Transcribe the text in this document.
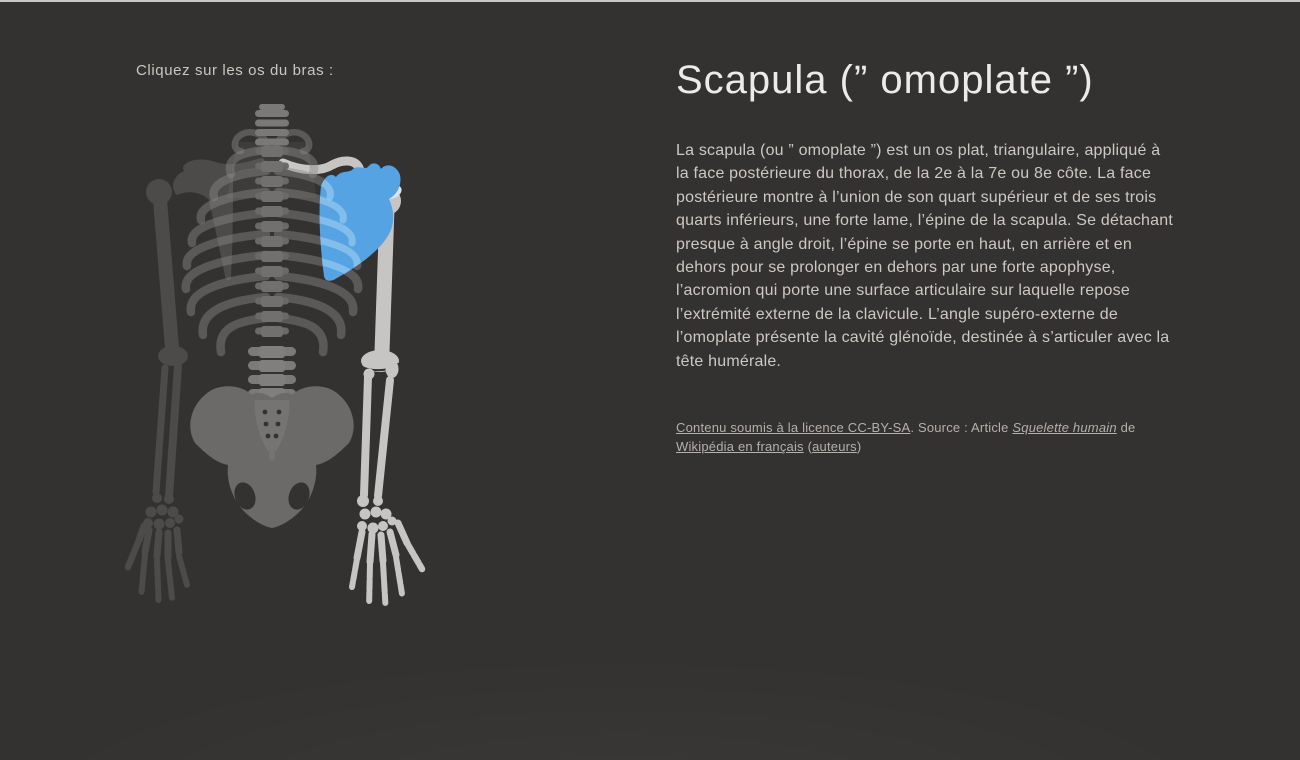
Cliquez sur les os du bras :	Scapula (” omoplate ”)

La scapula (ou ” omoplate ”) est un os plat, triangulaire, appliqué à la face postérieure du thorax, de la 2e à la 7e ou 8e côte. La face postérieure montre à l’union de son quart supérieur et de ses trois quarts inférieurs, une forte lame, l’épine de la scapula. Se détachant presque à angle droit, l’épine se porte en haut, en arrière et en dehors pour se prolonger en dehors par une forte apophyse, l’acromion qui porte une surface articulaire sur laquelle repose l’extrémité externe de la clavicule. L’angle supéro-externe de l’omoplate présente la cavité glénoïde, destinée à s’articuler avec la tête humérale.

Contenu soumis à la licence CC-BY-SA. Source : Article Squelette humain de Wikipédia en français (auteurs)
